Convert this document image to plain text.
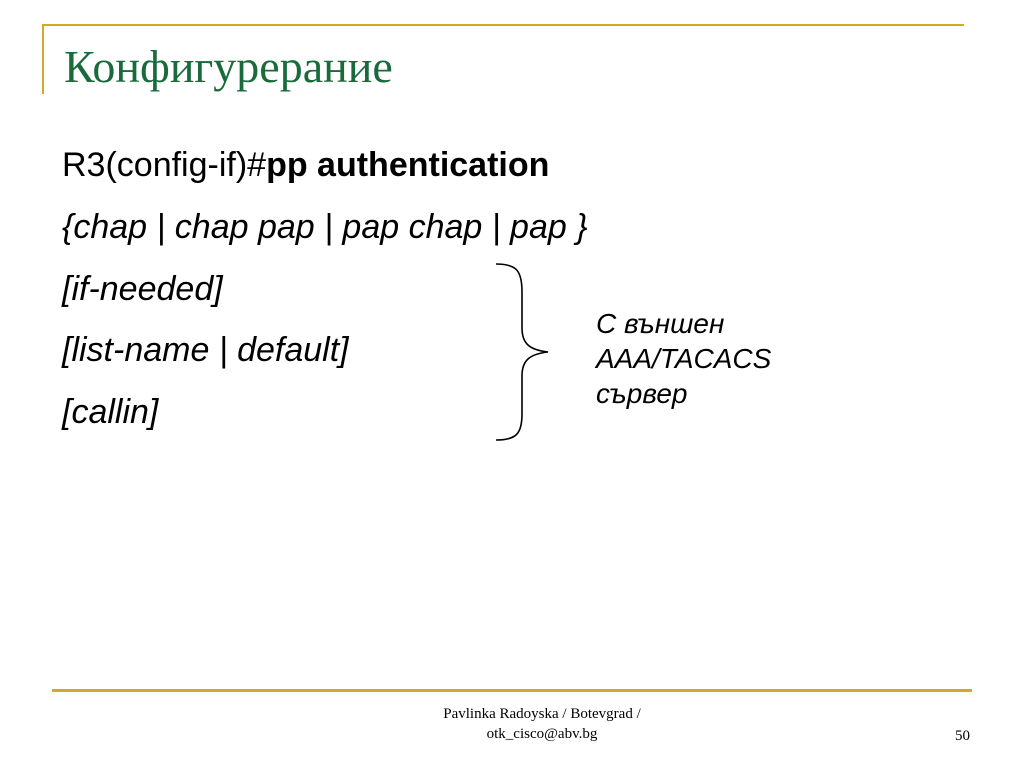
Конфигурерание
R3(config-if)#pp authentication
{chap | chap pap | pap chap | pap }
[if-needed]
[list-name | default]
[callin]
С външен
AAA/TACACS
сървер
Pavlinka Radoyska / Botevgrad /
otk_cisco@abv.bg	50
